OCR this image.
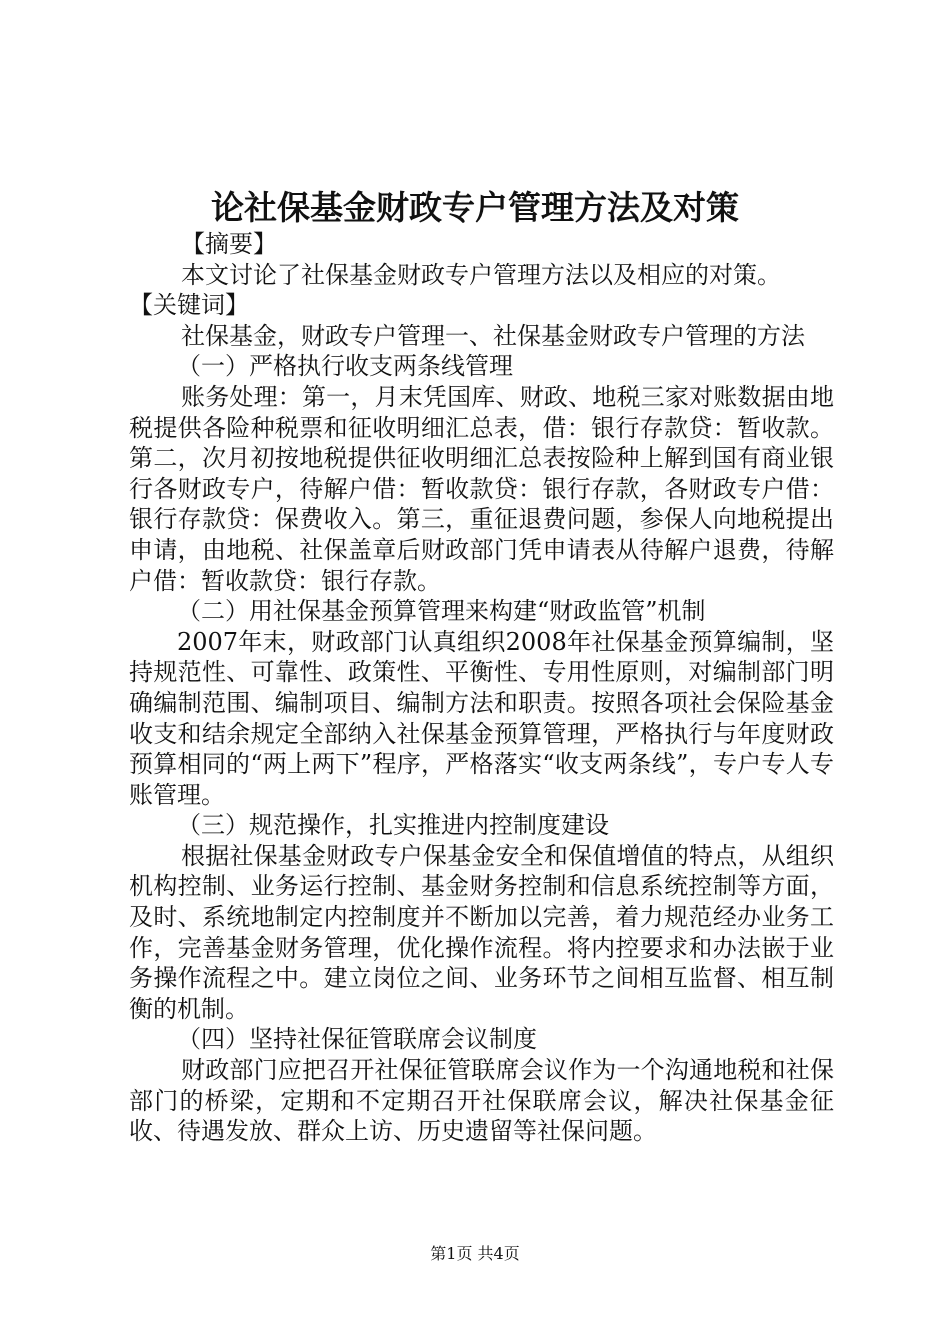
论社保基金财政专户管理方法及对策

【摘要】

本文讨论了社保基金财政专户管理方法以及相应的对策。

【关键词】

社保基金，财政专户管理一、社保基金财政专户管理的方法

（一）严格执行收支两条线管理

账务处理：第一，月末凭国库、财政、地税三家对账数据由地税提供各险种税票和征收明细汇总表，借：银行存款贷：暂收款。第二，次月初按地税提供征收明细汇总表按险种上解到国有商业银行各财政专户，待解户借：暂收款贷：银行存款，各财政专户借：银行存款贷：保费收入。第三，重征退费问题，参保人向地税提出申请，由地税、社保盖章后财政部门凭申请表从待解户退费，待解户借：暂收款贷：银行存款。

（二）用社保基金预算管理来构建“财政监管”机制

2007年末，财政部门认真组织2008年社保基金预算编制，坚持规范性、可靠性、政策性、平衡性、专用性原则，对编制部门明确编制范围、编制项目、编制方法和职责。按照各项社会保险基金收支和结余规定全部纳入社保基金预算管理，严格执行与年度财政预算相同的“两上两下”程序，严格落实“收支两条线”，专户专人专账管理。

（三）规范操作，扎实推进内控制度建设

根据社保基金财政专户保基金安全和保值增值的特点，从组织机构控制、业务运行控制、基金财务控制和信息系统控制等方面，及时、系统地制定内控制度并不断加以完善，着力规范经办业务工作，完善基金财务管理，优化操作流程。将内控要求和办法嵌于业务操作流程之中。建立岗位之间、业务环节之间相互监督、相互制衡的机制。

（四）坚持社保征管联席会议制度

财政部门应把召开社保征管联席会议作为一个沟通地税和社保部门的桥梁，定期和不定期召开社保联席会议，解决社保基金征收、待遇发放、群众上访、历史遗留等社保问题。

第1页 共4页
